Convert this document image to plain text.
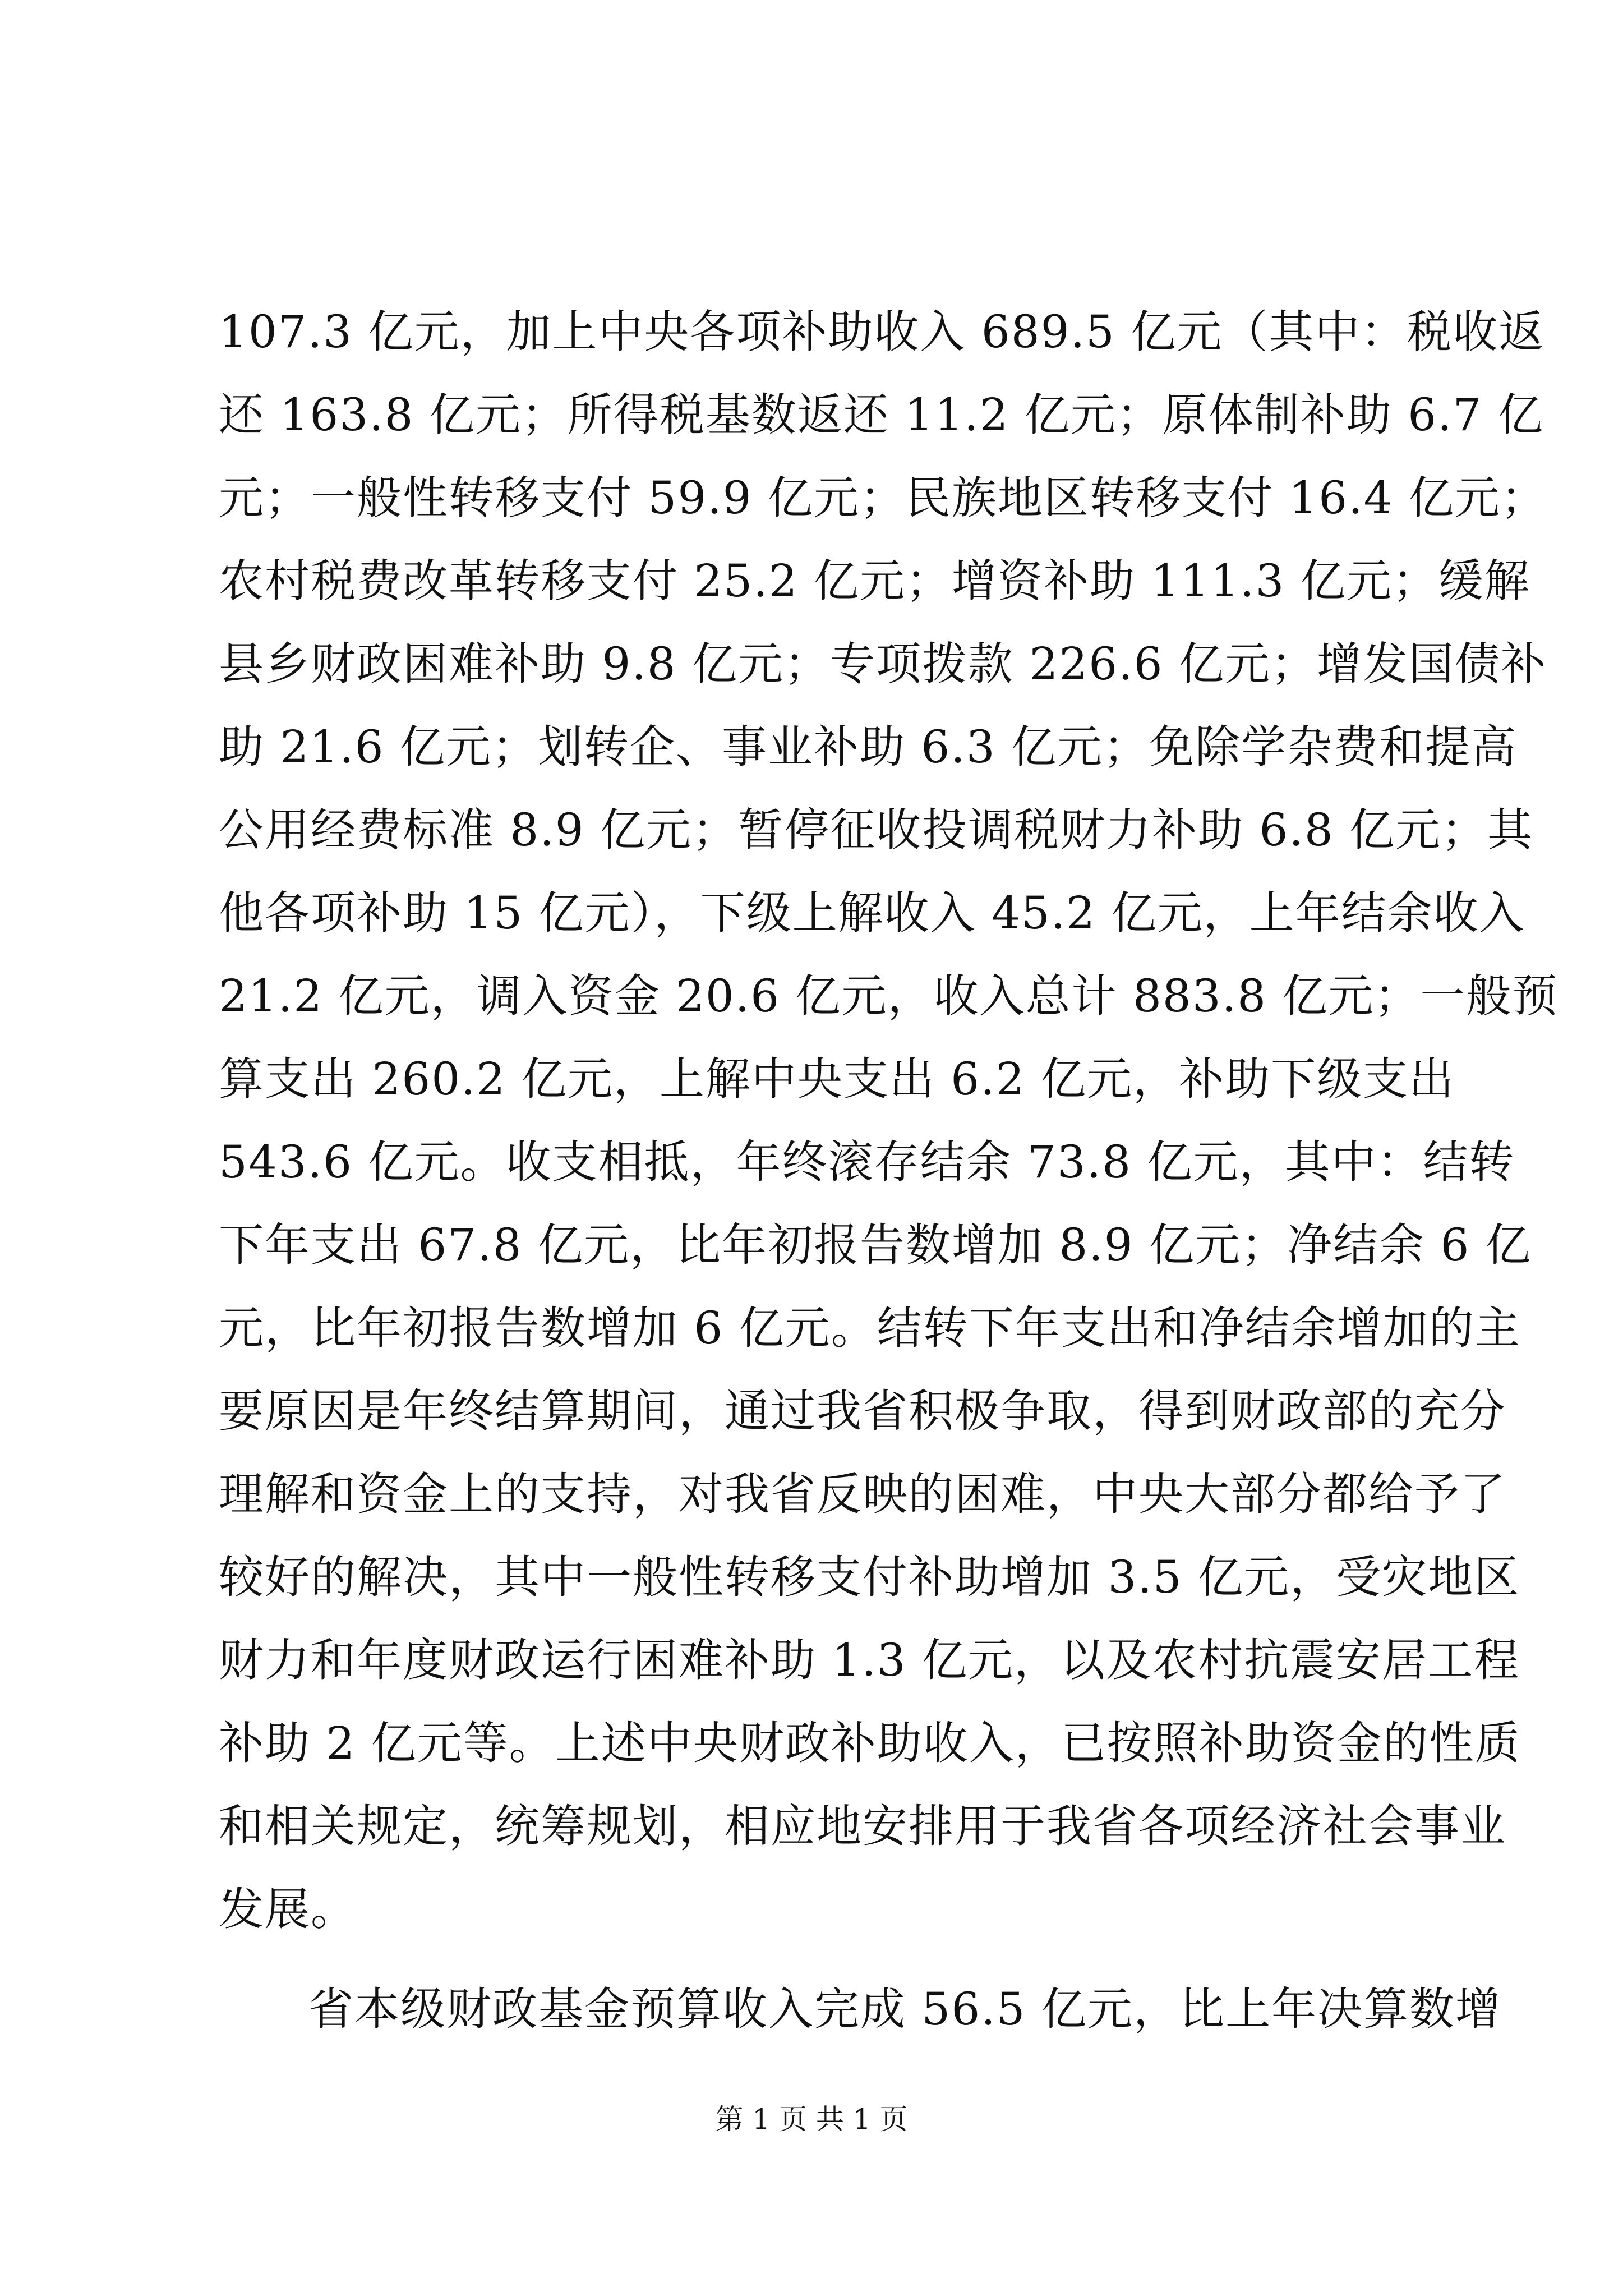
107.3 亿元，加上中央各项补助收入 689.5 亿元（其中：税收返
还 163.8 亿元；所得税基数返还 11.2 亿元；原体制补助 6.7 亿
元；一般性转移支付 59.9 亿元；民族地区转移支付 16.4 亿元；
农村税费改革转移支付 25.2 亿元；增资补助 111.3 亿元；缓解
县乡财政困难补助 9.8 亿元；专项拨款 226.6 亿元；增发国债补
助 21.6 亿元；划转企、事业补助 6.3 亿元；免除学杂费和提高
公用经费标准 8.9 亿元；暂停征收投调税财力补助 6.8 亿元；其
他各项补助 15 亿元），下级上解收入 45.2 亿元，上年结余收入
21.2 亿元，调入资金 20.6 亿元，收入总计 883.8 亿元；一般预
算支出 260.2 亿元，上解中央支出 6.2 亿元，补助下级支出
543.6 亿元。收支相抵，年终滚存结余 73.8 亿元，其中：结转
下年支出 67.8 亿元，比年初报告数增加 8.9 亿元；净结余 6 亿
元，比年初报告数增加 6 亿元。结转下年支出和净结余增加的主
要原因是年终结算期间，通过我省积极争取，得到财政部的充分
理解和资金上的支持，对我省反映的困难，中央大部分都给予了
较好的解决，其中一般性转移支付补助增加 3.5 亿元，受灾地区
财力和年度财政运行困难补助 1.3 亿元，以及农村抗震安居工程
补助 2 亿元等。上述中央财政补助收入，已按照补助资金的性质
和相关规定，统筹规划，相应地安排用于我省各项经济社会事业
发展。
省本级财政基金预算收入完成 56.5 亿元，比上年决算数增
第 1 页 共 1 页
